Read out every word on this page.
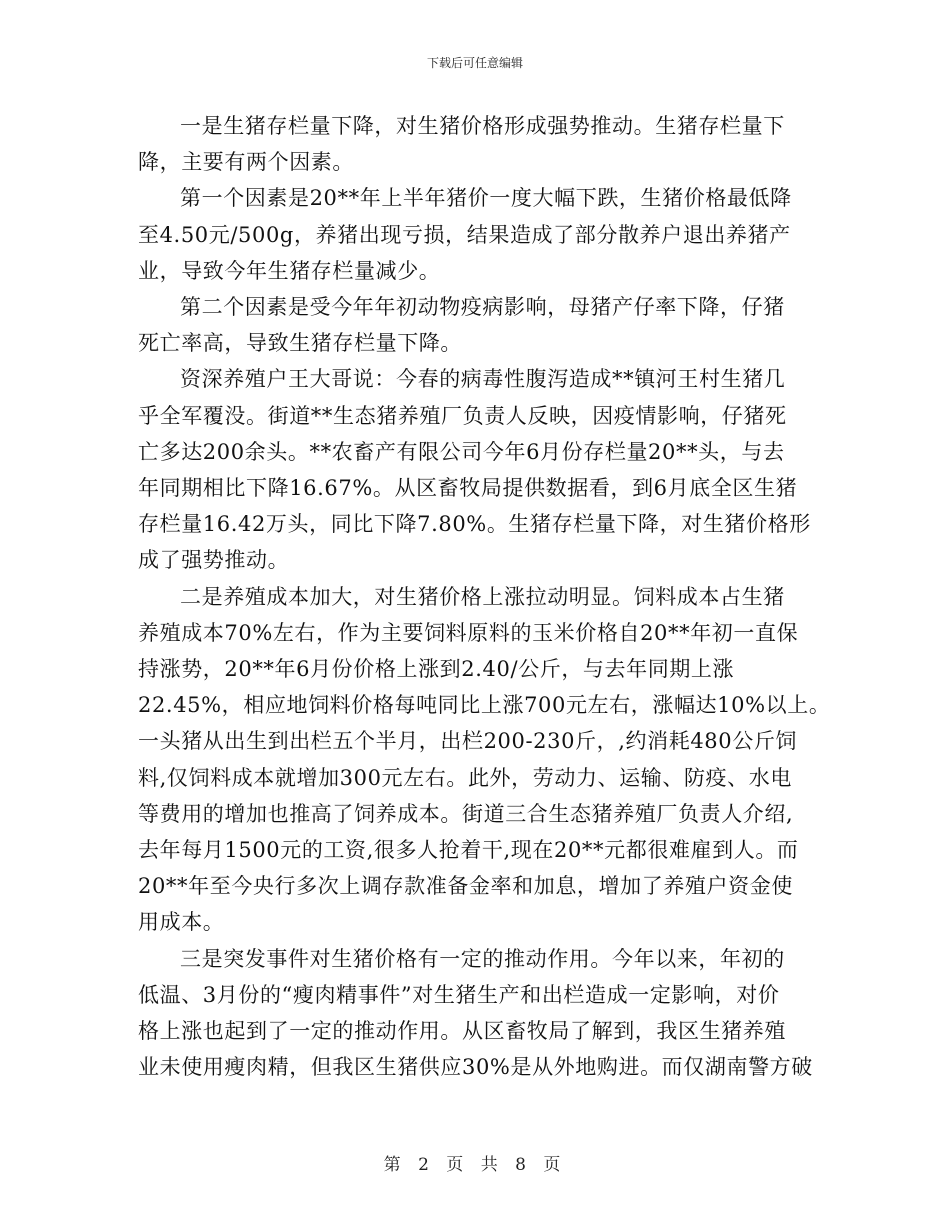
下载后可任意编辑

一是生猪存栏量下降，对生猪价格形成强势推动。生猪存栏量下
降，主要有两个因素。

第一个因素是20**年上半年猪价一度大幅下跌，生猪价格最低降
至4.50元/500g，养猪出现亏损，结果造成了部分散养户退出养猪产
业，导致今年生猪存栏量减少。

第二个因素是受今年年初动物疫病影响，母猪产仔率下降，仔猪
死亡率高，导致生猪存栏量下降。

资深养殖户王大哥说：今春的病毒性腹泻造成**镇河王村生猪几
乎全军覆没。街道**生态猪养殖厂负责人反映，因疫情影响，仔猪死
亡多达200余头。**农畜产有限公司今年6月份存栏量20**头，与去
年同期相比下降16.67%。从区畜牧局提供数据看，到6月底全区生猪
存栏量16.42万头，同比下降7.80%。生猪存栏量下降，对生猪价格形
成了强势推动。

二是养殖成本加大，对生猪价格上涨拉动明显。饲料成本占生猪
养殖成本70%左右，作为主要饲料原料的玉米价格自20**年初一直保
持涨势，20**年6月份价格上涨到2.40/公斤，与去年同期上涨
22.45%，相应地饲料价格每吨同比上涨700元左右，涨幅达10%以上。
一头猪从出生到出栏五个半月，出栏200-230斤，,约消耗480公斤饲
料,仅饲料成本就增加300元左右。此外，劳动力、运输、防疫、水电
等费用的增加也推高了饲养成本。街道三合生态猪养殖厂负责人介绍,
去年每月1500元的工资,很多人抢着干,现在20**元都很难雇到人。而
20**年至今央行多次上调存款准备金率和加息，增加了养殖户资金使
用成本。

三是突发事件对生猪价格有一定的推动作用。今年以来，年初的
低温、3月份的“瘦肉精事件”对生猪生产和出栏造成一定影响，对价
格上涨也起到了一定的推动作用。从区畜牧局了解到，我区生猪养殖
业未使用瘦肉精，但我区生猪供应30%是从外地购进。而仅湖南警方破

第 2 页 共 8 页
